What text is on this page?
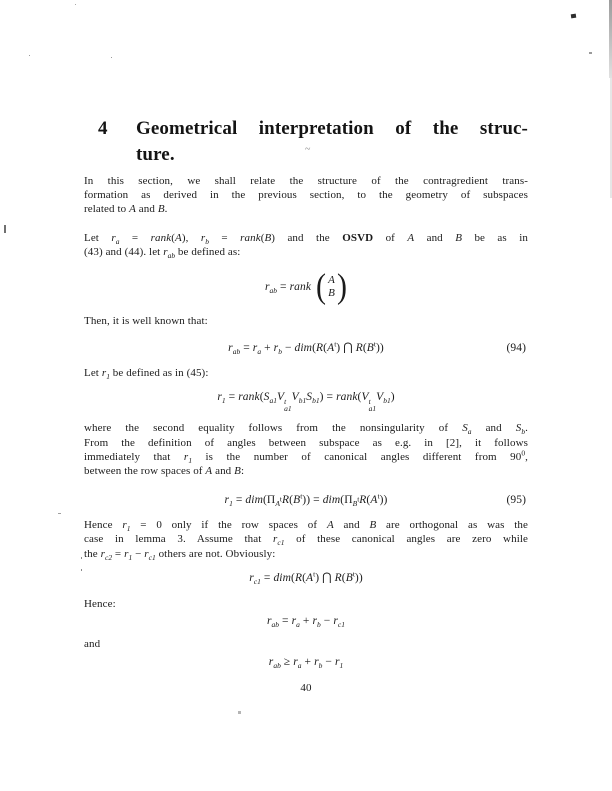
4	Geometrical interpretation of the struc-
ture.
In this section, we shall relate the structure of the contragredient trans-
formation as derived in the previous section, to the geometry of subspaces
related to A and B.
Let $r_a$ = rank(A), $r_b$ = rank(B) and the OSVD of A and B be as in
(43) and (44). let $r_{ab}$ be defined as:
$r_{ab}$ = rank ( A
B )
Then, it is well known that:
$r_{ab} = r_a + r_b - dim(R(A^t)$ ⋂ $R(B^t)$)	(94)
Let $r_1$ be defined as in (45):
$r_1$ = $rank(S_{a1}V$ t
a1
$V_{b1}S_{b1}$) = rank(V t
a1
$V_{b1}$)
where the second equality follows from the nonsingularity of $S_a$ and $S_b$.
From the definition of angles between subspace as e.g. in [2], it follows
immediately that $r_1$ is the number of canonical angles different from $90^0$,
between the row spaces of A and B:
$r_1 = dim(\Pi_{A^t}R(B^t)) = dim(\Pi_{B^t}R(A^t))$	(95)
Hence $r_1 = 0$ only if the row spaces of A and B are orthogonal as was the
case in lemma 3. Assume that $r_{c1}$ of these canonical angles are zero while
the $r_{c2} = r_1 - r_{c1}$ others are not. Obviously:
$r_{c1} = dim(R(A^t)$ ⋂ $R(B^t)$)
Hence:
$r_{ab} = r_a + r_b - r_{c1}$
and
$r_{ab} \ge r_a + r_b - r_1$
40
~
